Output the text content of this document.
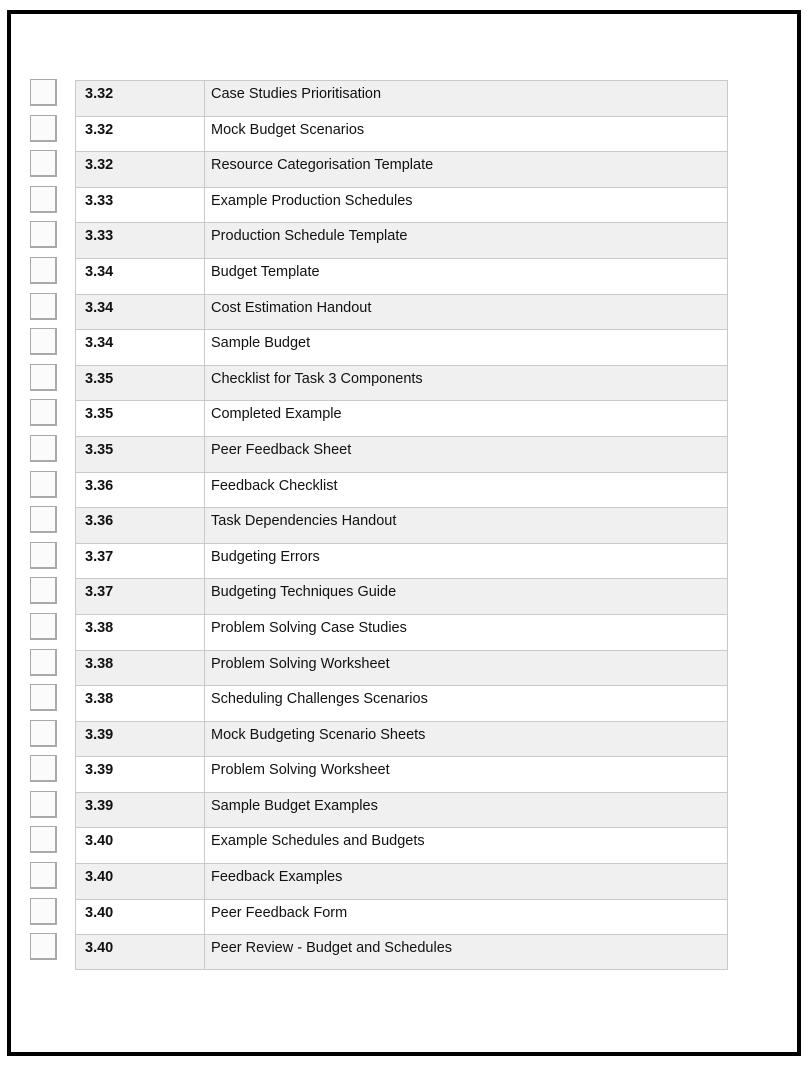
3.32	Case Studies Prioritisation
3.32	Mock Budget Scenarios
3.32	Resource Categorisation Template
3.33	Example Production Schedules
3.33	Production Schedule Template
3.34	Budget Template
3.34	Cost Estimation Handout
3.34	Sample Budget
3.35	Checklist for Task 3 Components
3.35	Completed Example
3.35	Peer Feedback Sheet
3.36	Feedback Checklist
3.36	Task Dependencies Handout
3.37	Budgeting Errors
3.37	Budgeting Techniques Guide
3.38	Problem Solving Case Studies
3.38	Problem Solving Worksheet
3.38	Scheduling Challenges Scenarios
3.39	Mock Budgeting Scenario Sheets
3.39	Problem Solving Worksheet
3.39	Sample Budget Examples
3.40	Example Schedules and Budgets
3.40	Feedback Examples
3.40	Peer Feedback Form
3.40	Peer Review - Budget and Schedules
